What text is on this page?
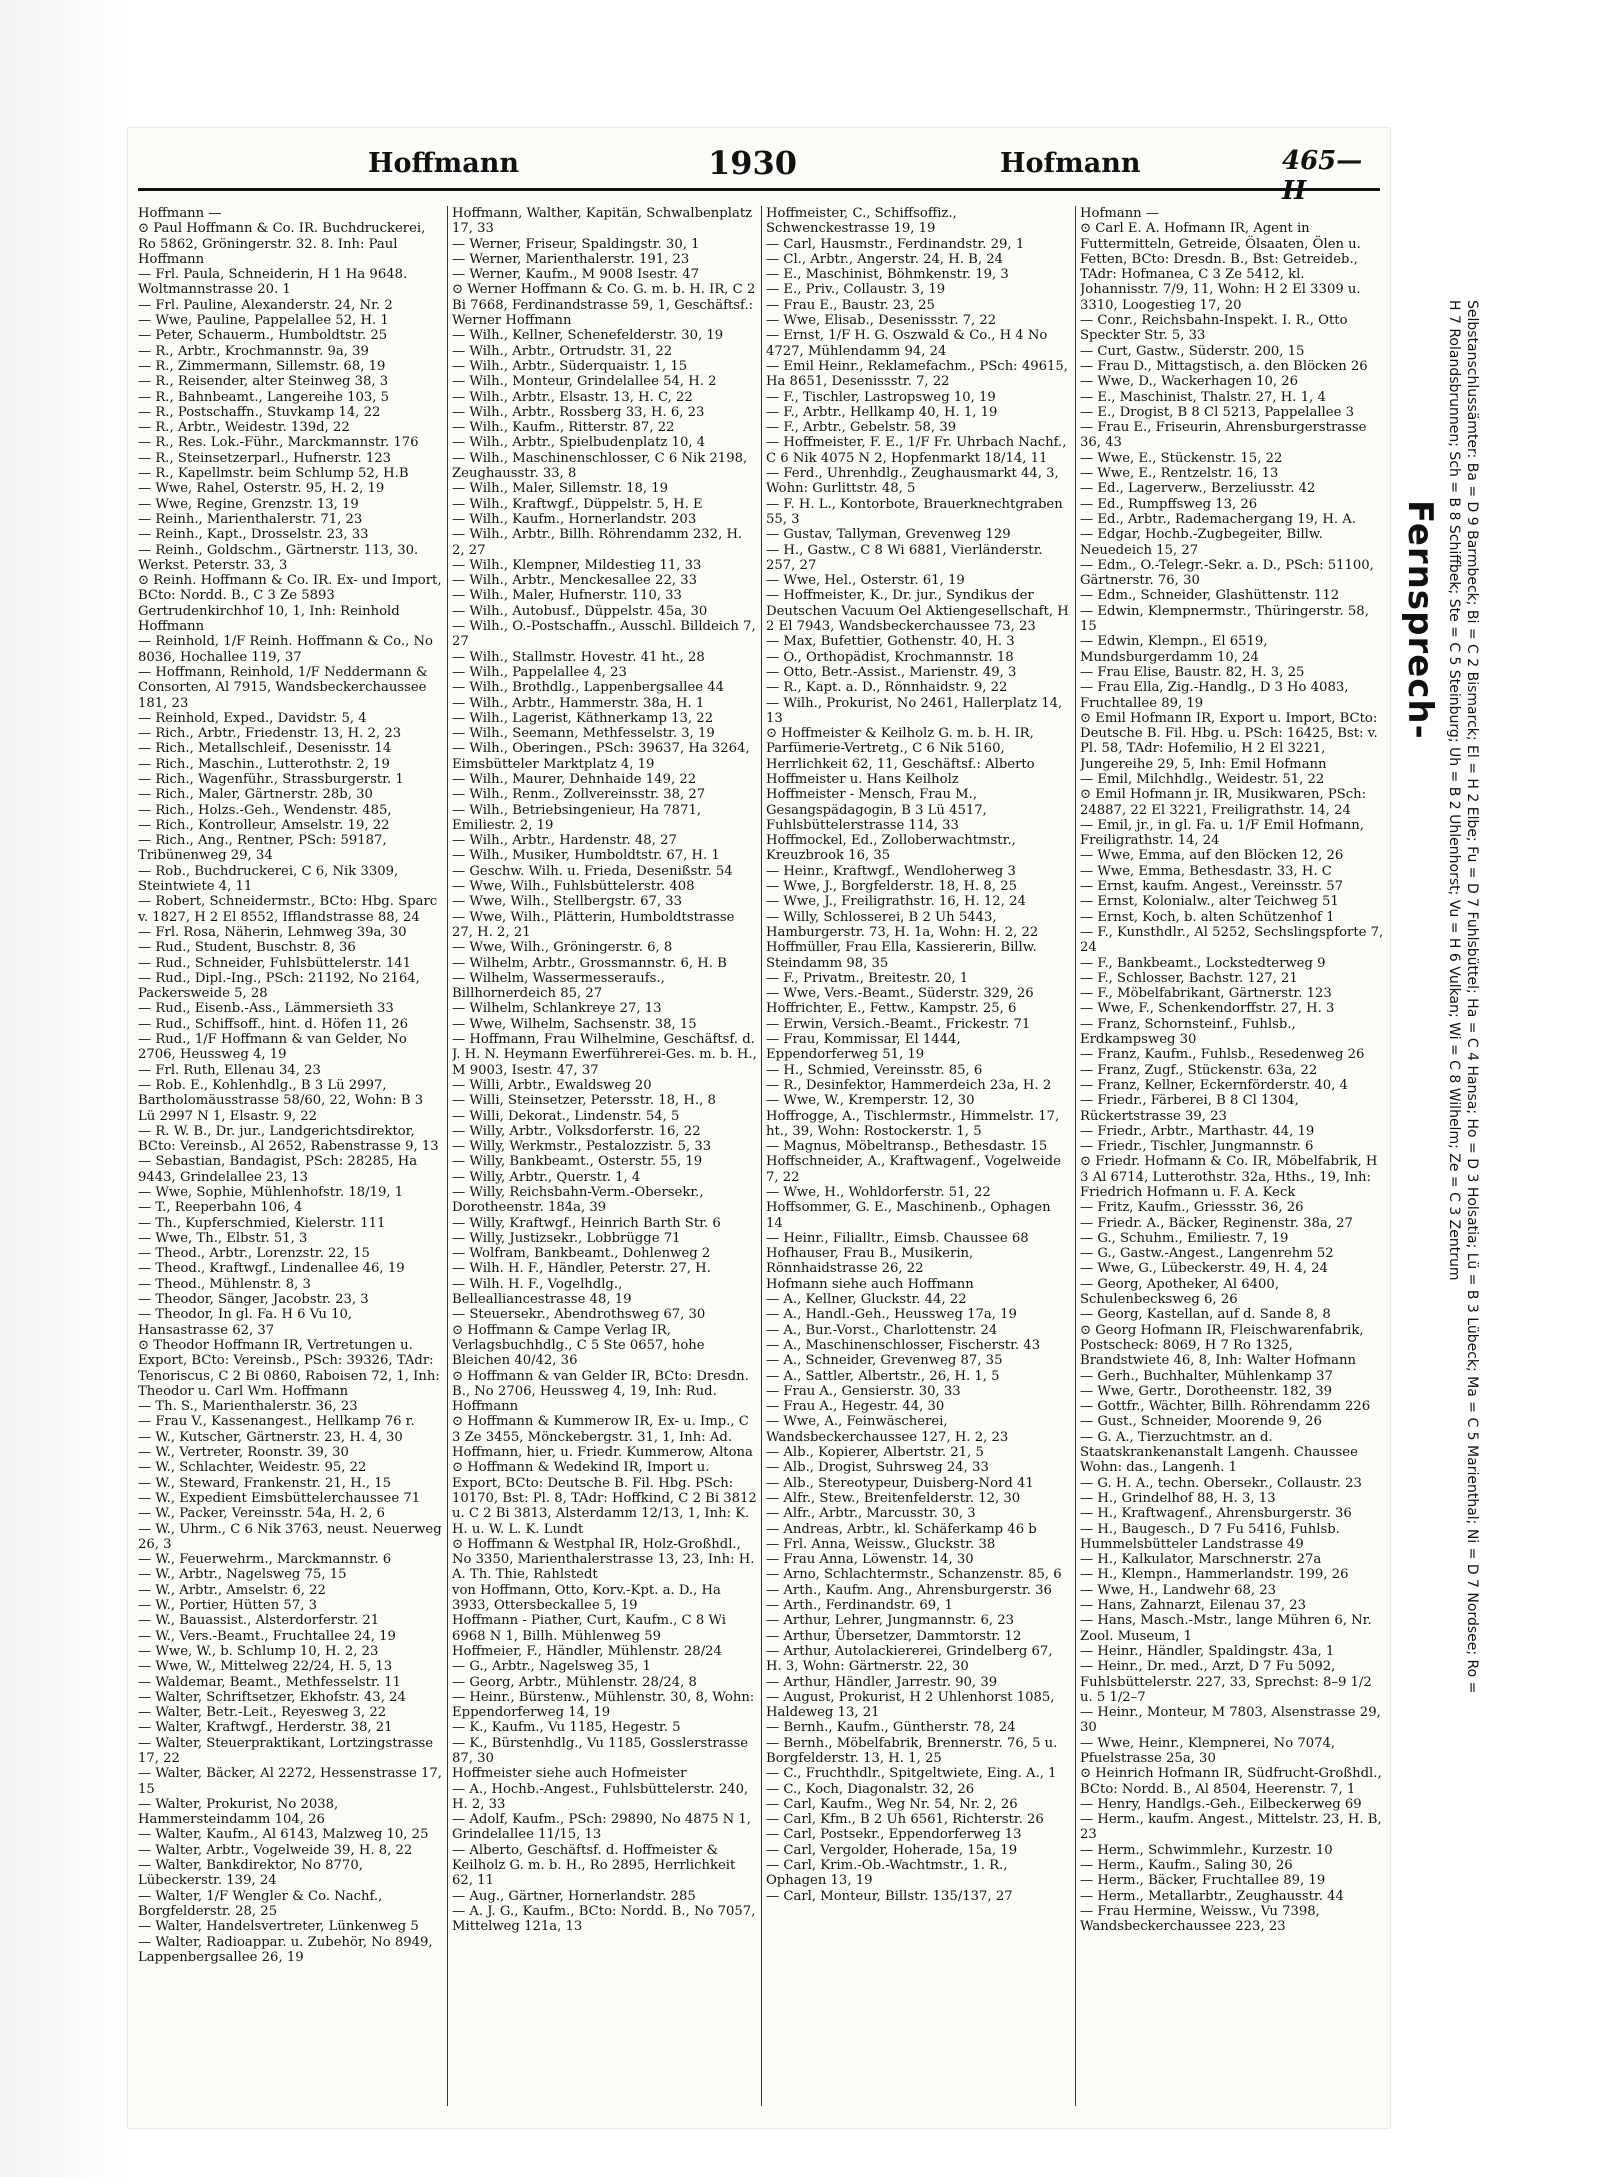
Hoffmann	1930	Hofmann	465—II

Hoffmann —

⊙ Paul Hoffmann & Co. IR. Buchdruckerei, Ro 5862, Gröningerstr. 32. 8. Inh: Paul Hoffmann

— Frl. Paula, Schneiderin, H 1 Ha 9648. Woltmannstrasse 20. 1

— Frl. Pauline, Alexanderstr. 24, Nr. 2

— Wwe, Pauline, Pappelallee 52, H. 1

— Peter, Schauerm., Humboldtstr. 25

— R., Arbtr., Krochmannstr. 9a, 39

— R., Zimmermann, Sillemstr. 68, 19

— R., Reisender, alter Steinweg 38, 3

— R., Bahnbeamt., Langereihe 103, 5

— R., Postschaffn., Stuvkamp 14, 22

— R., Arbtr., Weidestr. 139d, 22

— R., Res. Lok.-Führ., Marckmannstr. 176

— R., Steinsetzerparl., Hufnerstr. 123

— R., Kapellmstr. beim Schlump 52, H.B

— Wwe, Rahel, Osterstr. 95, H. 2, 19

— Wwe, Regine, Grenzstr. 13, 19

— Reinh., Marienthalerstr. 71, 23

— Reinh., Kapt., Drosselstr. 23, 33

— Reinh., Goldschm., Gärtnerstr. 113, 30. Werkst. Peterstr. 33, 3

⊙ Reinh. Hoffmann & Co. IR. Ex- und Import, BCto: Nordd. B., C 3 Ze 5893 Gertrudenkirchhof 10, 1, Inh: Reinhold Hoffmann

— Reinhold, 1/F Reinh. Hoffmann & Co., No 8036, Hochallee 119, 37

— Hoffmann, Reinhold, 1/F Neddermann & Consorten, Al 7915, Wandsbeckerchaussee 181, 23

— Reinhold, Exped., Davidstr. 5, 4

— Rich., Arbtr., Friedenstr. 13, H. 2, 23

— Rich., Metallschleif., Desenisstr. 14

— Rich., Maschin., Lutterothstr. 2, 19

— Rich., Wagenführ., Strassburgerstr. 1

— Rich., Maler, Gärtnerstr. 28b, 30

— Rich., Holzs.-Geh., Wendenstr. 485,

— Rich., Kontrolleur, Amselstr. 19, 22

— Rich., Ang., Rentner, PSch: 59187, Tribünenweg 29, 34

— Rob., Buchdruckerei, C 6, Nik 3309, Steintwiete 4, 11

— Robert, Schneidermstr., BCto: Hbg. Sparc v. 1827, H 2 El 8552, Ifflandstrasse 88, 24

— Frl. Rosa, Näherin, Lehmweg 39a, 30

— Rud., Student, Buschstr. 8, 36

— Rud., Schneider, Fuhlsbüttelerstr. 141

— Rud., Dipl.-Ing., PSch: 21192, No 2164, Packersweide 5, 28

— Rud., Eisenb.-Ass., Lämmersieth 33

— Rud., Schiffsoff., hint. d. Höfen 11, 26

— Rud., 1/F Hoffmann & van Gelder, No 2706, Heussweg 4, 19

— Frl. Ruth, Ellenau 34, 23

— Rob. E., Kohlenhdlg., B 3 Lü 2997, Bartholomäusstrasse 58/60, 22, Wohn: B 3 Lü 2997 N 1, Elsastr. 9, 22

— R. W. B., Dr. jur., Landgerichtsdirektor, BCto: Vereinsb., Al 2652, Rabenstrasse 9, 13

— Sebastian, Bandagist, PSch: 28285, Ha 9443, Grindelallee 23, 13

— Wwe, Sophie, Mühlenhofstr. 18/19, 1

— T., Reeperbahn 106, 4

— Th., Kupferschmied, Kielerstr. 111

— Wwe, Th., Elbstr. 51, 3

— Theod., Arbtr., Lorenzstr. 22, 15

— Theod., Kraftwgf., Lindenallee 46, 19

— Theod., Mühlenstr. 8, 3

— Theodor, Sänger, Jacobstr. 23, 3

— Theodor, In gl. Fa. H 6 Vu 10, Hansastrasse 62, 37

⊙ Theodor Hoffmann IR, Vertretungen u. Export, BCto: Vereinsb., PSch: 39326, TAdr: Tenoriscus, C 2 Bi 0860, Raboisen 72, 1, Inh: Theodor u. Carl Wm. Hoffmann

— Th. S., Marienthalerstr. 36, 23

— Frau V., Kassenangest., Hellkamp 76 r.

— W., Kutscher, Gärtnerstr. 23, H. 4, 30

— W., Vertreter, Roonstr. 39, 30

— W., Schlachter, Weidestr. 95, 22

— W., Steward, Frankenstr. 21, H., 15

— W., Expedient Eimsbüttelerchaussee 71

— W., Packer, Vereinsstr. 54a, H. 2, 6

— W., Uhrm., C 6 Nik 3763, neust. Neuerweg 26, 3

— W., Feuerwehrm., Marckmannstr. 6

— W., Arbtr., Nagelsweg 75, 15

— W., Arbtr., Amselstr. 6, 22

— W., Portier, Hütten 57, 3

— W., Bauassist., Alsterdorferstr. 21

— W., Vers.-Beamt., Fruchtallee 24, 19

— Wwe, W., b. Schlump 10, H. 2, 23

— Wwe, W., Mittelweg 22/24, H. 5, 13

— Waldemar, Beamt., Methfesselstr. 11

— Walter, Schriftsetzer, Ekhofstr. 43, 24

— Walter, Betr.-Leit., Reyesweg 3, 22

— Walter, Kraftwgf., Herderstr. 38, 21

— Walter, Steuerpraktikant, Lortzingstrasse 17, 22

— Walter, Bäcker, Al 2272, Hessenstrasse 17, 15

— Walter, Prokurist, No 2038, Hammersteindamm 104, 26

— Walter, Kaufm., Al 6143, Malzweg 10, 25

— Walter, Arbtr., Vogelweide 39, H. 8, 22

— Walter, Bankdirektor, No 8770, Lübeckerstr. 139, 24

— Walter, 1/F Wengler & Co. Nachf., Borgfelderstr. 28, 25

— Walter, Handelsvertreter, Lünkenweg 5

— Walter, Radioappar. u. Zubehör, No 8949, Lappenbergsallee 26, 19

Hoffmann, Walther, Kapitän, Schwalbenplatz 17, 33

— Werner, Friseur, Spaldingstr. 30, 1

— Werner, Marienthalerstr. 191, 23

— Werner, Kaufm., M 9008 Isestr. 47

⊙ Werner Hoffmann & Co. G. m. b. H. IR, C 2 Bi 7668, Ferdinandstrasse 59, 1, Geschäftsf.: Werner Hoffmann

— Wilh., Kellner, Schenefelderstr. 30, 19

— Wilh., Arbtr., Ortrudstr. 31, 22

— Wilh., Arbtr., Süderquaistr. 1, 15

— Wilh., Monteur, Grindelallee 54, H. 2

— Wilh., Arbtr., Elsastr. 13, H. C, 22

— Wilh., Arbtr., Rossberg 33, H. 6, 23

— Wilh., Kaufm., Ritterstr. 87, 22

— Wilh., Arbtr., Spielbudenplatz 10, 4

— Wilh., Maschinenschlosser, C 6 Nik 2198, Zeughausstr. 33, 8

— Wilh., Maler, Sillemstr. 18, 19

— Wilh., Kraftwgf., Düppelstr. 5, H. E

— Wilh., Kaufm., Hornerlandstr. 203

— Wilh., Arbtr., Billh. Röhrendamm 232, H. 2, 27

— Wilh., Klempner, Mildestieg 11, 33

— Wilh., Arbtr., Menckesallee 22, 33

— Wilh., Maler, Hufnerstr. 110, 33

— Wilh., Autobusf., Düppelstr. 45a, 30

— Wilh., O.-Postschaffn., Ausschl. Billdeich 7, 27

— Wilh., Stallmstr. Hovestr. 41 ht., 28

— Wilh., Pappelallee 4, 23

— Wilh., Brothdlg., Lappenbergsallee 44

— Wilh., Arbtr., Hammerstr. 38a, H. 1

— Wilh., Lagerist, Käthnerkamp 13, 22

— Wilh., Seemann, Methfesselstr. 3, 19

— Wilh., Oberingen., PSch: 39637, Ha 3264, Eimsbütteler Marktplatz 4, 19

— Wilh., Maurer, Dehnhaide 149, 22

— Wilh., Renm., Zollvereinsstr. 38, 27

— Wilh., Betriebsingenieur, Ha 7871, Emiliestr. 2, 19

— Wilh., Arbtr., Hardenstr. 48, 27

— Wilh., Musiker, Humboldtstr. 67, H. 1

— Geschw. Wilh. u. Frieda, Desenißstr. 54

— Wwe, Wilh., Fuhlsbüttelerstr. 408

— Wwe, Wilh., Stellbergstr. 67, 33

— Wwe, Wilh., Plätterin, Humboldtstrasse 27, H. 2, 21

— Wwe, Wilh., Gröningerstr. 6, 8

— Wilhelm, Arbtr., Grossmannstr. 6, H. B

— Wilhelm, Wassermesseraufs., Billhornerdeich 85, 27

— Wilhelm, Schlankreye 27, 13

— Wwe, Wilhelm, Sachsenstr. 38, 15

— Hoffmann, Frau Wilhelmine, Geschäftsf. d. J. H. N. Heymann Ewerführerei-Ges. m. b. H., M 9003, Isestr. 47, 37

— Willi, Arbtr., Ewaldsweg 20

— Willi, Steinsetzer, Petersstr. 18, H., 8

— Willi, Dekorat., Lindenstr. 54, 5

— Willy, Arbtr., Volksdorferstr. 16, 22

— Willy, Werkmstr., Pestalozzistr. 5, 33

— Willy, Bankbeamt., Osterstr. 55, 19

— Willy, Arbtr., Querstr. 1, 4

— Willy, Reichsbahn-Verm.-Obersekr., Dorotheenstr. 184a, 39

— Willy, Kraftwgf., Heinrich Barth Str. 6

— Willy, Justizsekr., Lobbrügge 71

— Wolfram, Bankbeamt., Dohlenweg 2

— Wilh. H. F., Händler, Peterstr. 27, H.

— Wilh. H. F., Vogelhdlg., Bellealliancestrasse 48, 19

— Steuersekr., Abendrothsweg 67, 30

⊙ Hoffmann & Campe Verlag IR, Verlagsbuchhdlg., C 5 Ste 0657, hohe Bleichen 40/42, 36

⊙ Hoffmann & van Gelder IR, BCto: Dresdn. B., No 2706, Heussweg 4, 19, Inh: Rud. Hoffmann

⊙ Hoffmann & Kummerow IR, Ex- u. Imp., C 3 Ze 3455, Mönckebergstr. 31, 1, Inh: Ad. Hoffmann, hier, u. Friedr. Kummerow, Altona

⊙ Hoffmann & Wedekind IR, Import u. Export, BCto: Deutsche B. Fil. Hbg. PSch: 10170, Bst: Pl. 8, TAdr: Hoffkind, C 2 Bi 3812 u. C 2 Bi 3813, Alsterdamm 12/13, 1, Inh: K. H. u. W. L. K. Lundt

⊙ Hoffmann & Westphal IR, Holz-Großhdl., No 3350, Marienthalerstrasse 13, 23, Inh: H. A. Th. Thie, Rahlstedt

von Hoffmann, Otto, Korv.-Kpt. a. D., Ha 3933, Ottersbeckallee 5, 19

Hoffmann - Piather, Curt, Kaufm., C 8 Wi 6968 N 1, Billh. Mühlenweg 59

Hoffmeier, F., Händler, Mühlenstr. 28/24

— G., Arbtr., Nagelsweg 35, 1

— Georg, Arbtr., Mühlenstr. 28/24, 8

— Heinr., Bürstenw., Mühlenstr. 30, 8, Wohn: Eppendorferweg 14, 19

— K., Kaufm., Vu 1185, Hegestr. 5

— K., Bürstenhdlg., Vu 1185, Gosslerstrasse 87, 30

Hoffmeister siehe auch Hofmeister

— A., Hochb.-Angest., Fuhlsbüttelerstr. 240, H. 2, 33

— Adolf, Kaufm., PSch: 29890, No 4875 N 1, Grindelallee 11/15, 13

— Alberto, Geschäftsf. d. Hoffmeister & Keilholz G. m. b. H., Ro 2895, Herrlichkeit 62, 11

— Aug., Gärtner, Hornerlandstr. 285

— A. J. G., Kaufm., BCto: Nordd. B., No 7057, Mittelweg 121a, 13

Hoffmeister, C., Schiffsoffiz., Schwenckestrasse 19, 19

— Carl, Hausmstr., Ferdinandstr. 29, 1

— Cl., Arbtr., Angerstr. 24, H. B, 24

— E., Maschinist, Böhmkenstr. 19, 3

— E., Priv., Collaustr. 3, 19

— Frau E., Baustr. 23, 25

— Wwe, Elisab., Desenissstr. 7, 22

— Ernst, 1/F H. G. Oszwald & Co., H 4 No 4727, Mühlendamm 94, 24

— Emil Heinr., Reklamefachm., PSch: 49615, Ha 8651, Desenissstr. 7, 22

— F., Tischler, Lastropsweg 10, 19

— F., Arbtr., Hellkamp 40, H. 1, 19

— F., Arbtr., Gebelstr. 58, 39

— Hoffmeister, F. E., 1/F Fr. Uhrbach Nachf., C 6 Nik 4075 N 2, Hopfenmarkt 18/14, 11

— Ferd., Uhrenhdlg., Zeughausmarkt 44, 3, Wohn: Gurlittstr. 48, 5

— F. H. L., Kontorbote, Brauerknechtgraben 55, 3

— Gustav, Tallyman, Grevenweg 129

— H., Gastw., C 8 Wi 6881, Vierländerstr. 257, 27

— Wwe, Hel., Osterstr. 61, 19

— Hoffmeister, K., Dr. jur., Syndikus der Deutschen Vacuum Oel Aktiengesellschaft, H 2 El 7943, Wandsbeckerchaussee 73, 23

— Max, Bufettier, Gothenstr. 40, H. 3

— O., Orthopädist, Krochmannstr. 18

— Otto, Betr.-Assist., Marienstr. 49, 3

— R., Kapt. a. D., Rönnhaidstr. 9, 22

— Wilh., Prokurist, No 2461, Hallerplatz 14, 13

⊙ Hoffmeister & Keilholz G. m. b. H. IR, Parfümerie-Vertretg., C 6 Nik 5160, Herrlichkeit 62, 11, Geschäftsf.: Alberto Hoffmeister u. Hans Keilholz

Hoffmeister - Mensch, Frau M., Gesangspädagogin, B 3 Lü 4517, Fuhlsbüttelerstrasse 114, 33

Hoffmockel, Ed., Zolloberwachtmstr., Kreuzbrook 16, 35

— Heinr., Kraftwgf., Wendloherweg 3

— Wwe, J., Borgfelderstr. 18, H. 8, 25

— Wwe, J., Freiligrathstr. 16, H. 12, 24

— Willy, Schlosserei, B 2 Uh 5443, Hamburgerstr. 73, H. 1a, Wohn: H. 2, 22

Hoffmüller, Frau Ella, Kassiererin, Billw. Steindamm 98, 35

— F., Privatm., Breitestr. 20, 1

— Wwe, Vers.-Beamt., Süderstr. 329, 26

Hoffrichter, E., Fettw., Kampstr. 25, 6

— Erwin, Versich.-Beamt., Frickestr. 71

— Frau, Kommissar, El 1444, Eppendorferweg 51, 19

— H., Schmied, Vereinsstr. 85, 6

— R., Desinfektor, Hammerdeich 23a, H. 2

— Wwe, W., Kremperstr. 12, 30

Hoffrogge, A., Tischlermstr., Himmelstr. 17, ht., 39, Wohn: Rostockerstr. 1, 5

— Magnus, Möbeltransp., Bethesdastr. 15

Hoffschneider, A., Kraftwagenf., Vogelweide 7, 22

— Wwe, H., Wohldorferstr. 51, 22

Hoffsommer, G. E., Maschinenb., Ophagen 14

— Heinr., Filialltr., Eimsb. Chaussee 68

Hofhauser, Frau B., Musikerin, Rönnhaidstrasse 26, 22

Hofmann siehe auch Hoffmann

— A., Kellner, Gluckstr. 44, 22

— A., Handl.-Geh., Heussweg 17a, 19

— A., Bur.-Vorst., Charlottenstr. 24

— A., Maschinenschlosser, Fischerstr. 43

— A., Schneider, Grevenweg 87, 35

— A., Sattler, Albertstr., 26, H. 1, 5

— Frau A., Gensierstr. 30, 33

— Frau A., Hegestr. 44, 30

— Wwe, A., Feinwäscherei, Wandsbeckerchaussee 127, H. 2, 23

— Alb., Kopierer, Albertstr. 21, 5

— Alb., Drogist, Suhrsweg 24, 33

— Alb., Stereotypeur, Duisberg-Nord 41

— Alfr., Stew., Breitenfelderstr. 12, 30

— Alfr., Arbtr., Marcusstr. 30, 3

— Andreas, Arbtr., kl. Schäferkamp 46 b

— Frl. Anna, Weissw., Gluckstr. 38

— Frau Anna, Löwenstr. 14, 30

— Arno, Schlachtermstr., Schanzenstr. 85, 6

— Arth., Kaufm. Ang., Ahrensburgerstr. 36

— Arth., Ferdinandstr. 69, 1

— Arthur, Lehrer, Jungmannstr. 6, 23

— Arthur, Übersetzer, Dammtorstr. 12

— Arthur, Autolackiererei, Grindelberg 67, H. 3, Wohn: Gärtnerstr. 22, 30

— Arthur, Händler, Jarrestr. 90, 39

— August, Prokurist, H 2 Uhlenhorst 1085, Haldeweg 13, 21

— Bernh., Kaufm., Güntherstr. 78, 24

— Bernh., Möbelfabrik, Brennerstr. 76, 5 u. Borgfelderstr. 13, H. 1, 25

— C., Fruchthdlr., Spitgeltwiete, Eing. A., 1

— C., Koch, Diagonalstr. 32, 26

— Carl, Kaufm., Weg Nr. 54, Nr. 2, 26

— Carl, Kfm., B 2 Uh 6561, Richterstr. 26

— Carl, Postsekr., Eppendorferweg 13

— Carl, Vergolder, Hoherade, 15a, 19

— Carl, Krim.-Ob.-Wachtmstr., 1. R., Ophagen 13, 19

— Carl, Monteur, Billstr. 135/137, 27

Hofmann —

⊙ Carl E. A. Hofmann IR, Agent in Futtermitteln, Getreide, Ölsaaten, Ölen u. Fetten, BCto: Dresdn. B., Bst: Getreideb., TAdr: Hofmanea, C 3 Ze 5412, kl. Johannisstr. 7/9, 11, Wohn: H 2 El 3309 u. 3310, Loogestieg 17, 20

— Conr., Reichsbahn-Inspekt. I. R., Otto Speckter Str. 5, 33

— Curt, Gastw., Süderstr. 200, 15

— Frau D., Mittagstisch, a. den Blöcken 26

— Wwe, D., Wackerhagen 10, 26

— E., Maschinist, Thalstr. 27, H. 1, 4

— E., Drogist, B 8 Cl 5213, Pappelallee 3

— Frau E., Friseurin, Ahrensburgerstrasse 36, 43

— Wwe, E., Stückenstr. 15, 22

— Wwe, E., Rentzelstr. 16, 13

— Ed., Lagerverw., Berzeliusstr. 42

— Ed., Rumpffsweg 13, 26

— Ed., Arbtr., Rademachergang 19, H. A.

— Edgar, Hochb.-Zugbegeiter, Billw. Neuedeich 15, 27

— Edm., O.-Telegr.-Sekr. a. D., PSch: 51100, Gärtnerstr. 76, 30

— Edm., Schneider, Glashüttenstr. 112

— Edwin, Klempnermstr., Thüringerstr. 58, 15

— Edwin, Klempn., El 6519, Mundsburgerdamm 10, 24

— Frau Elise, Baustr. 82, H. 3, 25

— Frau Ella, Zig.-Handlg., D 3 Ho 4083, Fruchtallee 89, 19

⊙ Emil Hofmann IR, Export u. Import, BCto: Deutsche B. Fil. Hbg. u. PSch: 16425, Bst: v. Pl. 58, TAdr: Hofemilio, H 2 El 3221, Jungereihe 29, 5, Inh: Emil Hofmann

— Emil, Milchhdlg., Weidestr. 51, 22

⊙ Emil Hofmann jr. IR, Musikwaren, PSch: 24887, 22 El 3221, Freiligrathstr. 14, 24

— Emil, jr., in gl. Fa. u. 1/F Emil Hofmann, Freiligrathstr. 14, 24

— Wwe, Emma, auf den Blöcken 12, 26

— Wwe, Emma, Bethesdastr. 33, H. C

— Ernst, kaufm. Angest., Vereinsstr. 57

— Ernst, Kolonialw., alter Teichweg 51

— Ernst, Koch, b. alten Schützenhof 1

— F., Kunsthdlr., Al 5252, Sechslingspforte 7, 24

— F., Bankbeamt., Lockstedterweg 9

— F., Schlosser, Bachstr. 127, 21

— F., Möbelfabrikant, Gärtnerstr. 123

— Wwe, F., Schenkendorffstr. 27, H. 3

— Franz, Schornsteinf., Fuhlsb., Erdkampsweg 30

— Franz, Kaufm., Fuhlsb., Resedenweg 26

— Franz, Zugf., Stückenstr. 63a, 22

— Franz, Kellner, Eckernförderstr. 40, 4

— Friedr., Färberei, B 8 Cl 1304, Rückertstrasse 39, 23

— Friedr., Arbtr., Marthastr. 44, 19

— Friedr., Tischler, Jungmannstr. 6

⊙ Friedr. Hofmann & Co. IR, Möbelfabrik, H 3 Al 6714, Lutterothstr. 32a, Hths., 19, Inh: Friedrich Hofmann u. F. A. Keck

— Fritz, Kaufm., Griessstr. 36, 26

— Friedr. A., Bäcker, Reginenstr. 38a, 27

— G., Schuhm., Emiliestr. 7, 19

— G., Gastw.-Angest., Langenrehm 52

— Wwe, G., Lübeckerstr. 49, H. 4, 24

— Georg, Apotheker, Al 6400, Schulenbecksweg 6, 26

— Georg, Kastellan, auf d. Sande 8, 8

⊙ Georg Hofmann IR, Fleischwarenfabrik, Postscheck: 8069, H 7 Ro 1325, Brandstwiete 46, 8, Inh: Walter Hofmann

— Gerh., Buchhalter, Mühlenkamp 37

— Wwe, Gertr., Dorotheenstr. 182, 39

— Gottfr., Wächter, Billh. Röhrendamm 226

— Gust., Schneider, Moorende 9, 26

— G. A., Tierzuchtmstr. an d. Staatskrankenanstalt Langenh. Chaussee Wohn: das., Langenh. 1

— G. H. A., techn. Obersekr., Collaustr. 23

— H., Grindelhof 88, H. 3, 13

— H., Kraftwagenf., Ahrensburgerstr. 36

— H., Baugesch., D 7 Fu 5416, Fuhlsb. Hummelsbütteler Landstrasse 49

— H., Kalkulator, Marschnerstr. 27a

— H., Klempn., Hammerlandstr. 199, 26

— Wwe, H., Landwehr 68, 23

— Hans, Zahnarzt, Eilenau 37, 23

— Hans, Masch.-Mstr., lange Mühren 6, Nr. Zool. Museum, 1

— Heinr., Händler, Spaldingstr. 43a, 1

— Heinr., Dr. med., Arzt, D 7 Fu 5092, Fuhlsbüttelerstr. 227, 33, Sprechst: 8–9 1/2 u. 5 1/2–7

— Heinr., Monteur, M 7803, Alsenstrasse 29, 30

— Wwe, Heinr., Klempnerei, No 7074, Pfuelstrasse 25a, 30

⊙ Heinrich Hofmann IR, Südfrucht-Großhdl., BCto: Nordd. B., Al 8504, Heerenstr. 7, 1

— Henry, Handlgs.-Geh., Eilbeckerweg 69

— Herm., kaufm. Angest., Mittelstr. 23, H. B, 23

— Herm., Schwimmlehr., Kurzestr. 10

— Herm., Kaufm., Saling 30, 26

— Herm., Bäcker, Fruchtallee 89, 19

— Herm., Metallarbtr., Zeughausstr. 44

— Frau Hermine, Weissw., Vu 7398, Wandsbeckerchaussee 223, 23

Fernsprech-	Selbstanschlussämter: Ba = D 9 Barmbeck; Bi = C 2 Bismarck; El = H 2 Elbe; Fu = D 7 Fuhlsbüttel; Ha = C 4 Hansa; Ho = D 3 Holsatia; Lü = B 3 Lübeck; Ma = C 5 Marienthal; Ni = D 7 Nordsee; Ro = H 7 Rolandsbrunnen; Sch = B 8 Schiffbek; Ste = C 5 Steinburg; Uh = B 2 Uhlenhorst; Vu = H 6 Vulkan; Wi = C 8 Wilhelm; Ze = C 3 Zentrum
